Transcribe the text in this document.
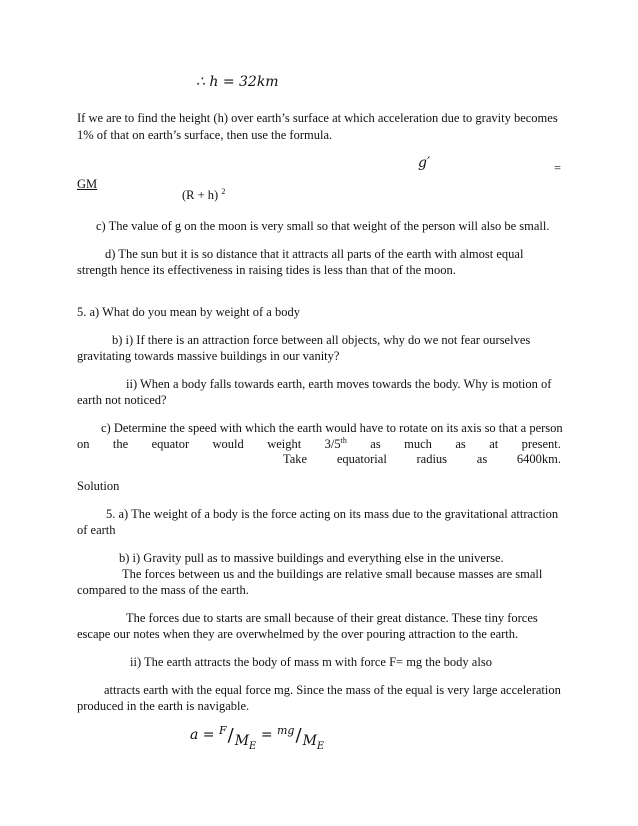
∴ h = 32km
If we are to find the height (h) over earth’s surface at which acceleration due to gravity becomes
1% of that on earth’s surface, then use the formula.
g′	=
GM
(R + h) $^2$
c) The value of g on the moon is very small so that weight of the person will also be small.
d) The sun but it is so distance that it attracts all parts of the earth with almost equal
strength hence its effectiveness in raising tides is less than that of the moon.
5. a) What do you mean by weight of a body
b) i) If there is an attraction force between all objects, why do we not fear ourselves
gravitating towards massive buildings in our vanity?
ii) When a body falls towards earth, earth moves towards the body. Why is motion of
earth not noticed?
c) Determine the speed with which the earth would have to rotate on its axis so that a person
on the equator would weight 3/5th as much as at present.
Take equatorial radius as 6400km.
Solution
5. a) The weight of a body is the force acting on its mass due to the gravitational attraction
of earth
b) i) Gravity pull as to massive buildings and everything else in the universe.
The forces between us and the buildings are relative small because masses are small
compared to the mass of the earth.
The forces due to starts are small because of their great distance. These tiny forces
escape our notes when they are overwhelmed by the over pouring attraction to the earth.
ii) The earth attracts the body of mass m with force F= mg the body also
attracts earth with the equal force mg. Since the mass of the equal is very large acceleration
produced in the earth is navigable.
$a = F / M_E$
= mg / $M_E$
